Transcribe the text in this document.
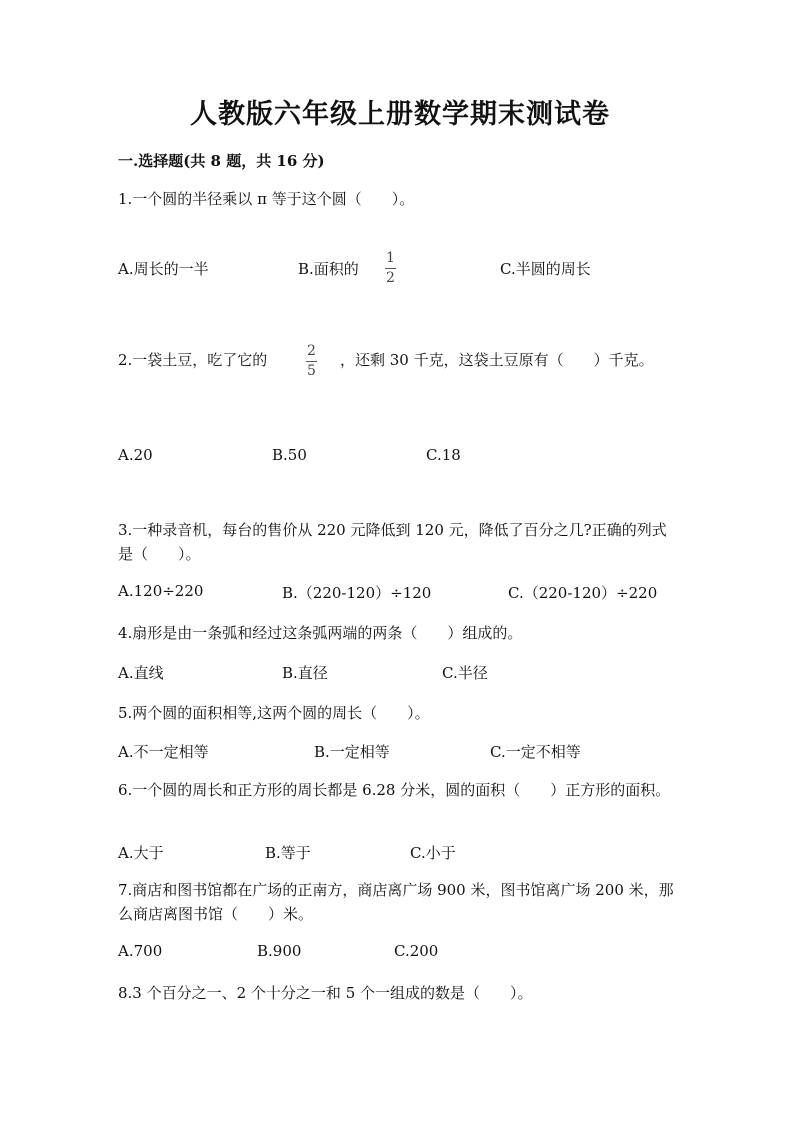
人教版六年级上册数学期末测试卷
一.选择题(共 8 题，共 16 分)
1.一个圆的半径乘以 π 等于这个圆（　　）。
A.周长的一半	B.面积的
1
2	C.半圆的周长
2.一袋土豆，吃了它的	2
5
，还剩 30 千克，这袋土豆原有（　　）千克。
A.20	B.50	C.18
3.一种录音机，每台的售价从 220 元降低到 120 元，降低了百分之几?正确的列式是（　　）。
A.120÷220	B.（220-120）÷120	C.（220-120）÷220
4.扇形是由一条弧和经过这条弧两端的两条（　　）组成的。
A.直线	B.直径	C.半径
5.两个圆的面积相等,这两个圆的周长（　　）。
A.不一定相等	B.一定相等	C.一定不相等
6.一个圆的周长和正方形的周长都是 6.28 分米，圆的面积（　　）正方形的面积。
A.大于	B.等于	C.小于
7.商店和图书馆都在广场的正南方，商店离广场 900 米，图书馆离广场 200 米，那么商店离图书馆（　　）米。
A.700	B.900	C.200
8.3 个百分之一、2 个十分之一和 5 个一组成的数是（　　）。
